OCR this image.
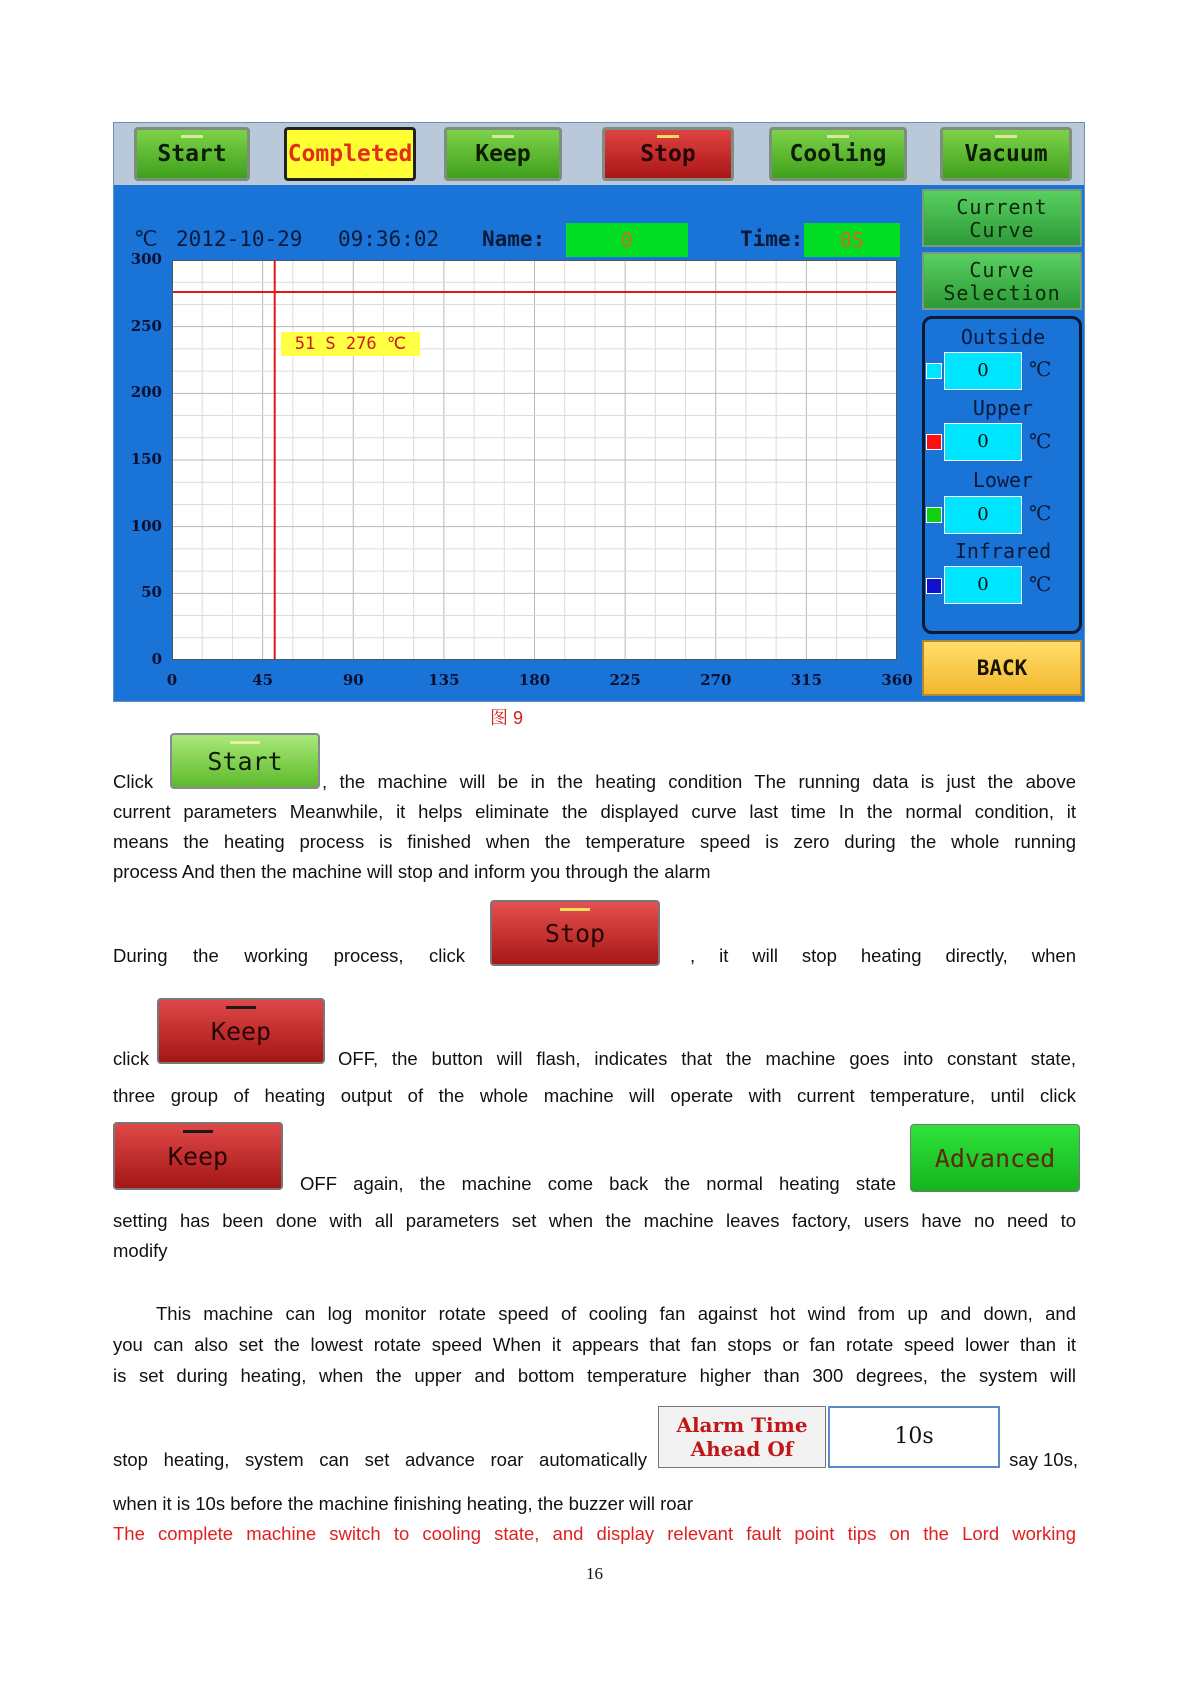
Start	Completed	Keep	Stop	Cooling	Vacuum
Current
Curve
Curve
Selection
℃ 2012-10-29 09:36:02 Name:	0	Time:	0S
300
250
200
150
100
50
0
0	45	90	135	180	225	270	315	360
51 S 276 ℃	Outside
0	℃
Upper
0	℃
Lower
0	℃
Infrared
0	℃
BACK
图 9
Click
Start
, the machine will be in the heating condition The running data is just the above
current parameters Meanwhile, it helps eliminate the displayed curve last time In the normal condition, it
means the heating process is finished when the temperature speed is zero during the whole running
process And then the machine will stop and inform you through the alarm
During the working process, click
Stop
, it will stop heating directly, when
click
Keep
OFF, the button will flash, indicates that the machine goes into constant state,
three group of heating output of the whole machine will operate with current temperature, until click
Keep
OFF again, the machine come back the normal heating state
Advanced
setting has been done with all parameters set when the machine leaves factory, users have no need to
modify
This machine can log monitor rotate speed of cooling fan against hot wind from up and down, and
you can also set the lowest rotate speed When it appears that fan stops or fan rotate speed lower than it
is set during heating, when the upper and bottom temperature higher than 300 degrees, the system will
stop heating, system can set advance roar automatically
Alarm Time
Ahead Of	10s
say 10s,
when it is 10s before the machine finishing heating, the buzzer will roar
The complete machine switch to cooling state, and display relevant fault point tips on the Lord working
16
